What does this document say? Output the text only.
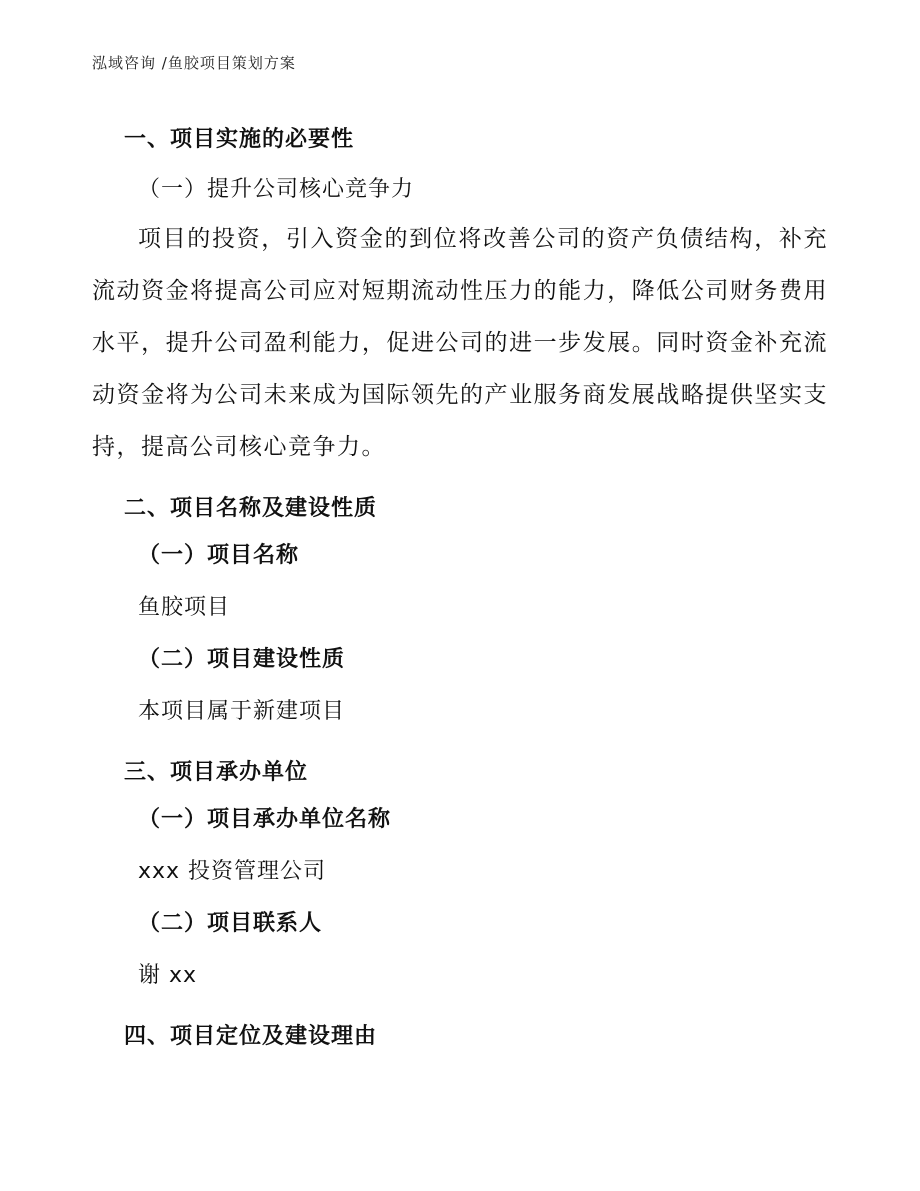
泓域咨询 /鱼胶项目策划方案
一、项目实施的必要性
（一）提升公司核心竞争力
项目的投资，引入资金的到位将改善公司的资产负债结构，补充流动资金将提高公司应对短期流动性压力的能力，降低公司财务费用水平，提升公司盈利能力，促进公司的进一步发展。同时资金补充流动资金将为公司未来成为国际领先的产业服务商发展战略提供坚实支持，提高公司核心竞争力。
二、项目名称及建设性质
（一）项目名称
鱼胶项目
（二）项目建设性质
本项目属于新建项目
三、项目承办单位
（一）项目承办单位名称
xxx 投资管理公司
（二）项目联系人
谢 xx
四、项目定位及建设理由
